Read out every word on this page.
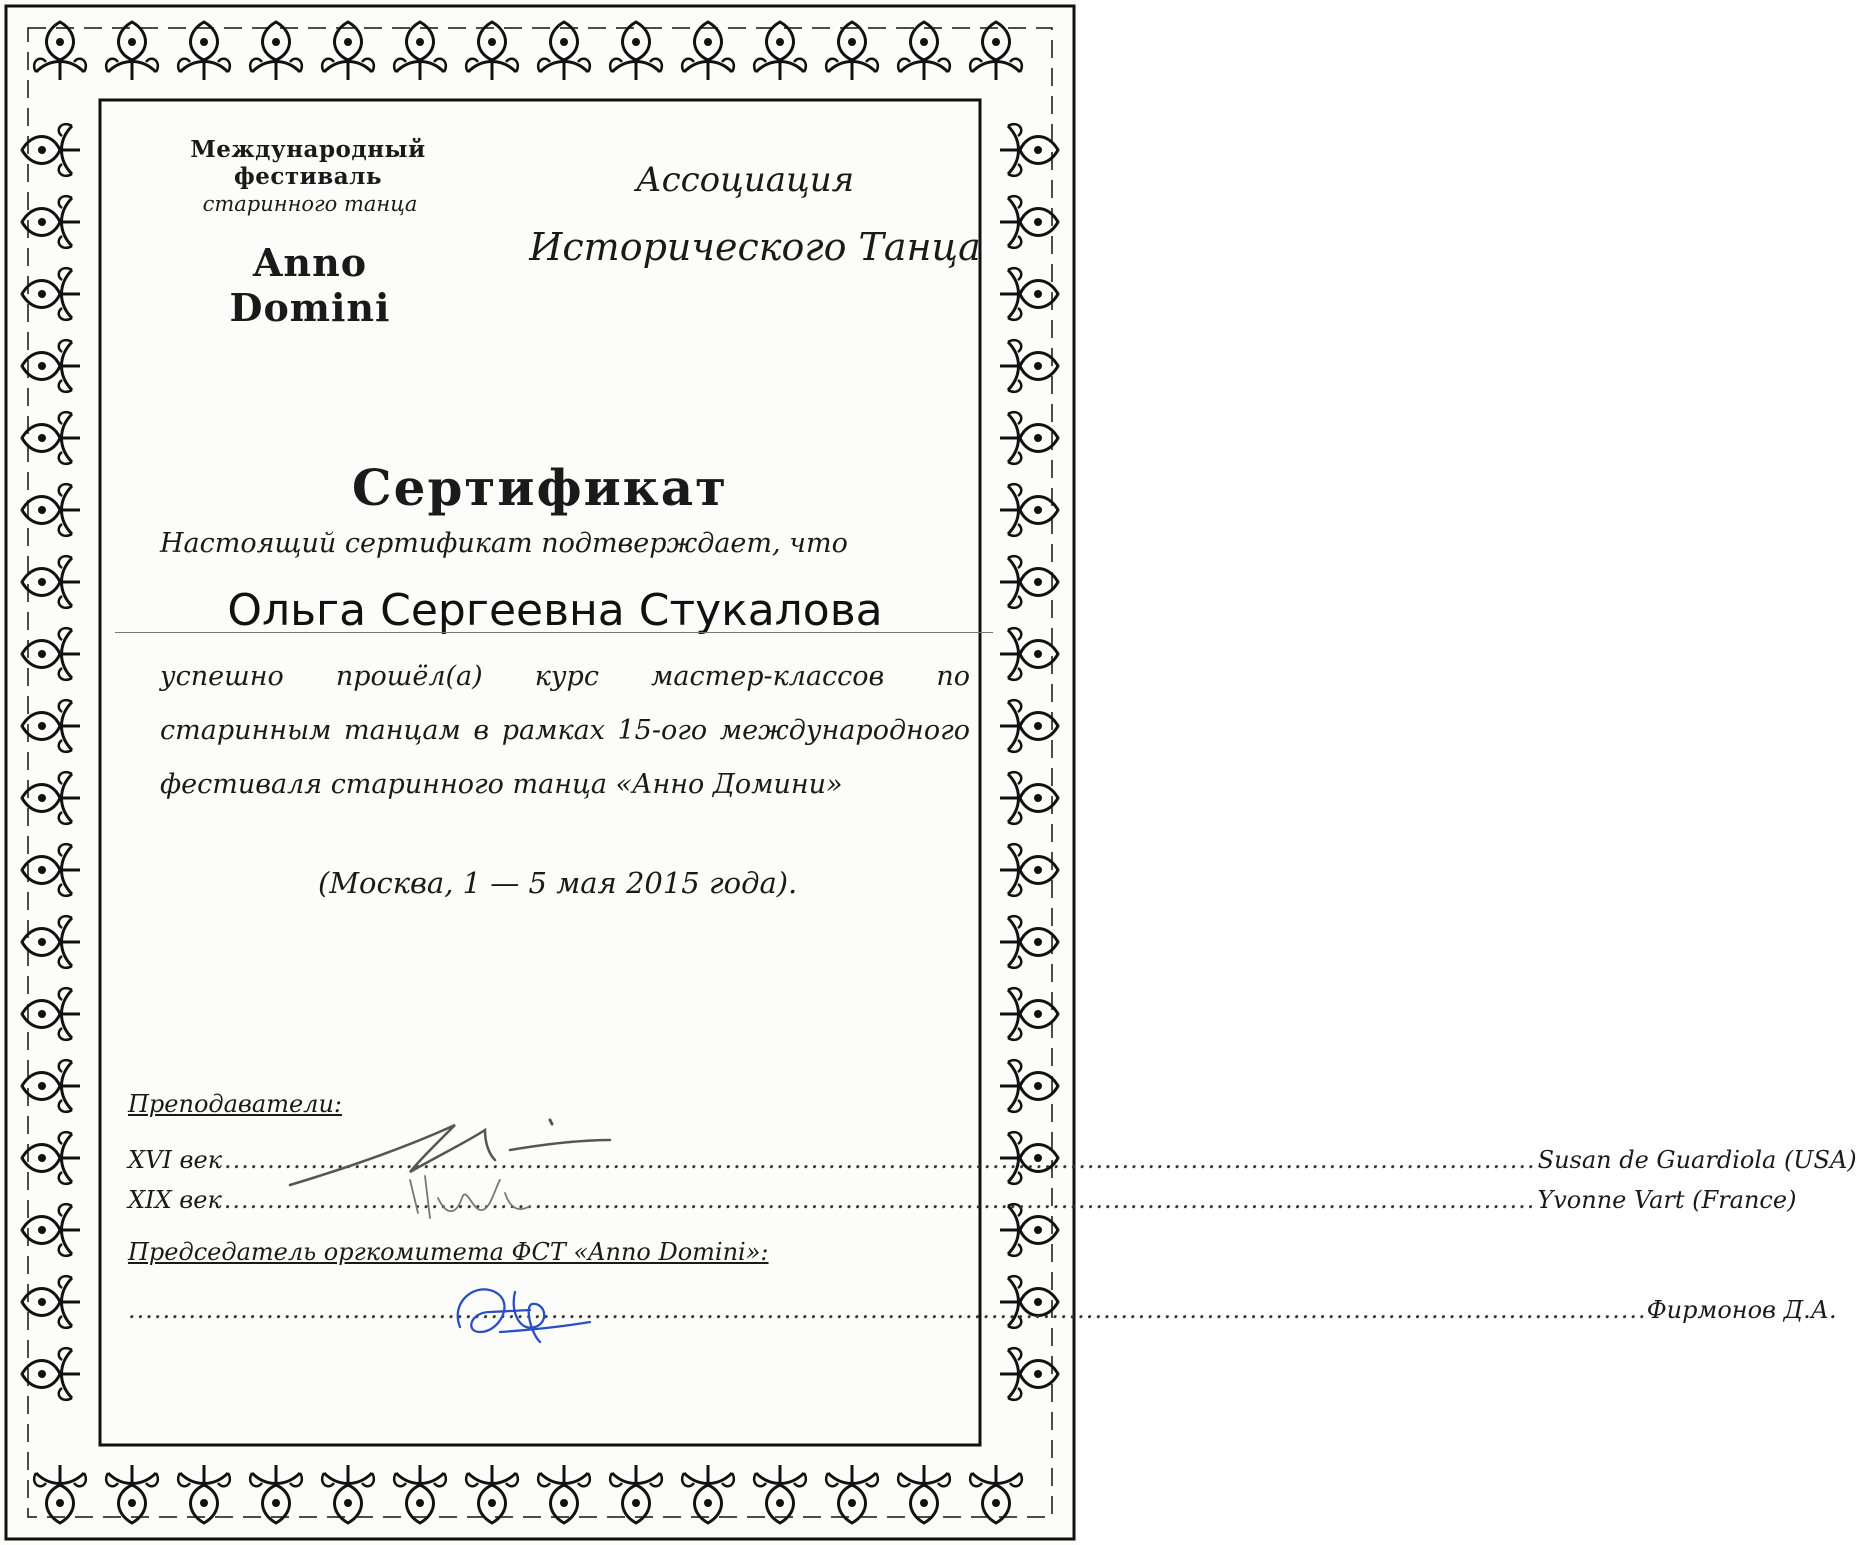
Международный фестиваль
старинного танца
Anno Domini
Ассоциация
Исторического Танца
Сертификат
Настоящий сертификат подтверждает, что
Ольга Сергеевна Стукалова
успешно прошёл(а) курс мастер-классов по старинным танцам в рамках 15-ого международного фестиваля старинного танца «Анно Домини»
(Москва, 1 — 5 мая 2015 года).
Преподаватели:
XVI век ........................................................................................................................................................ Susan de Guardiola (USA)
XIX век ........................................................................................................................................................ Yvonne Vart (France)
Председатель оргкомитета ФСТ «Anno Domini»:
................................................................................................................................................................................ Фирмонов Д.А.
